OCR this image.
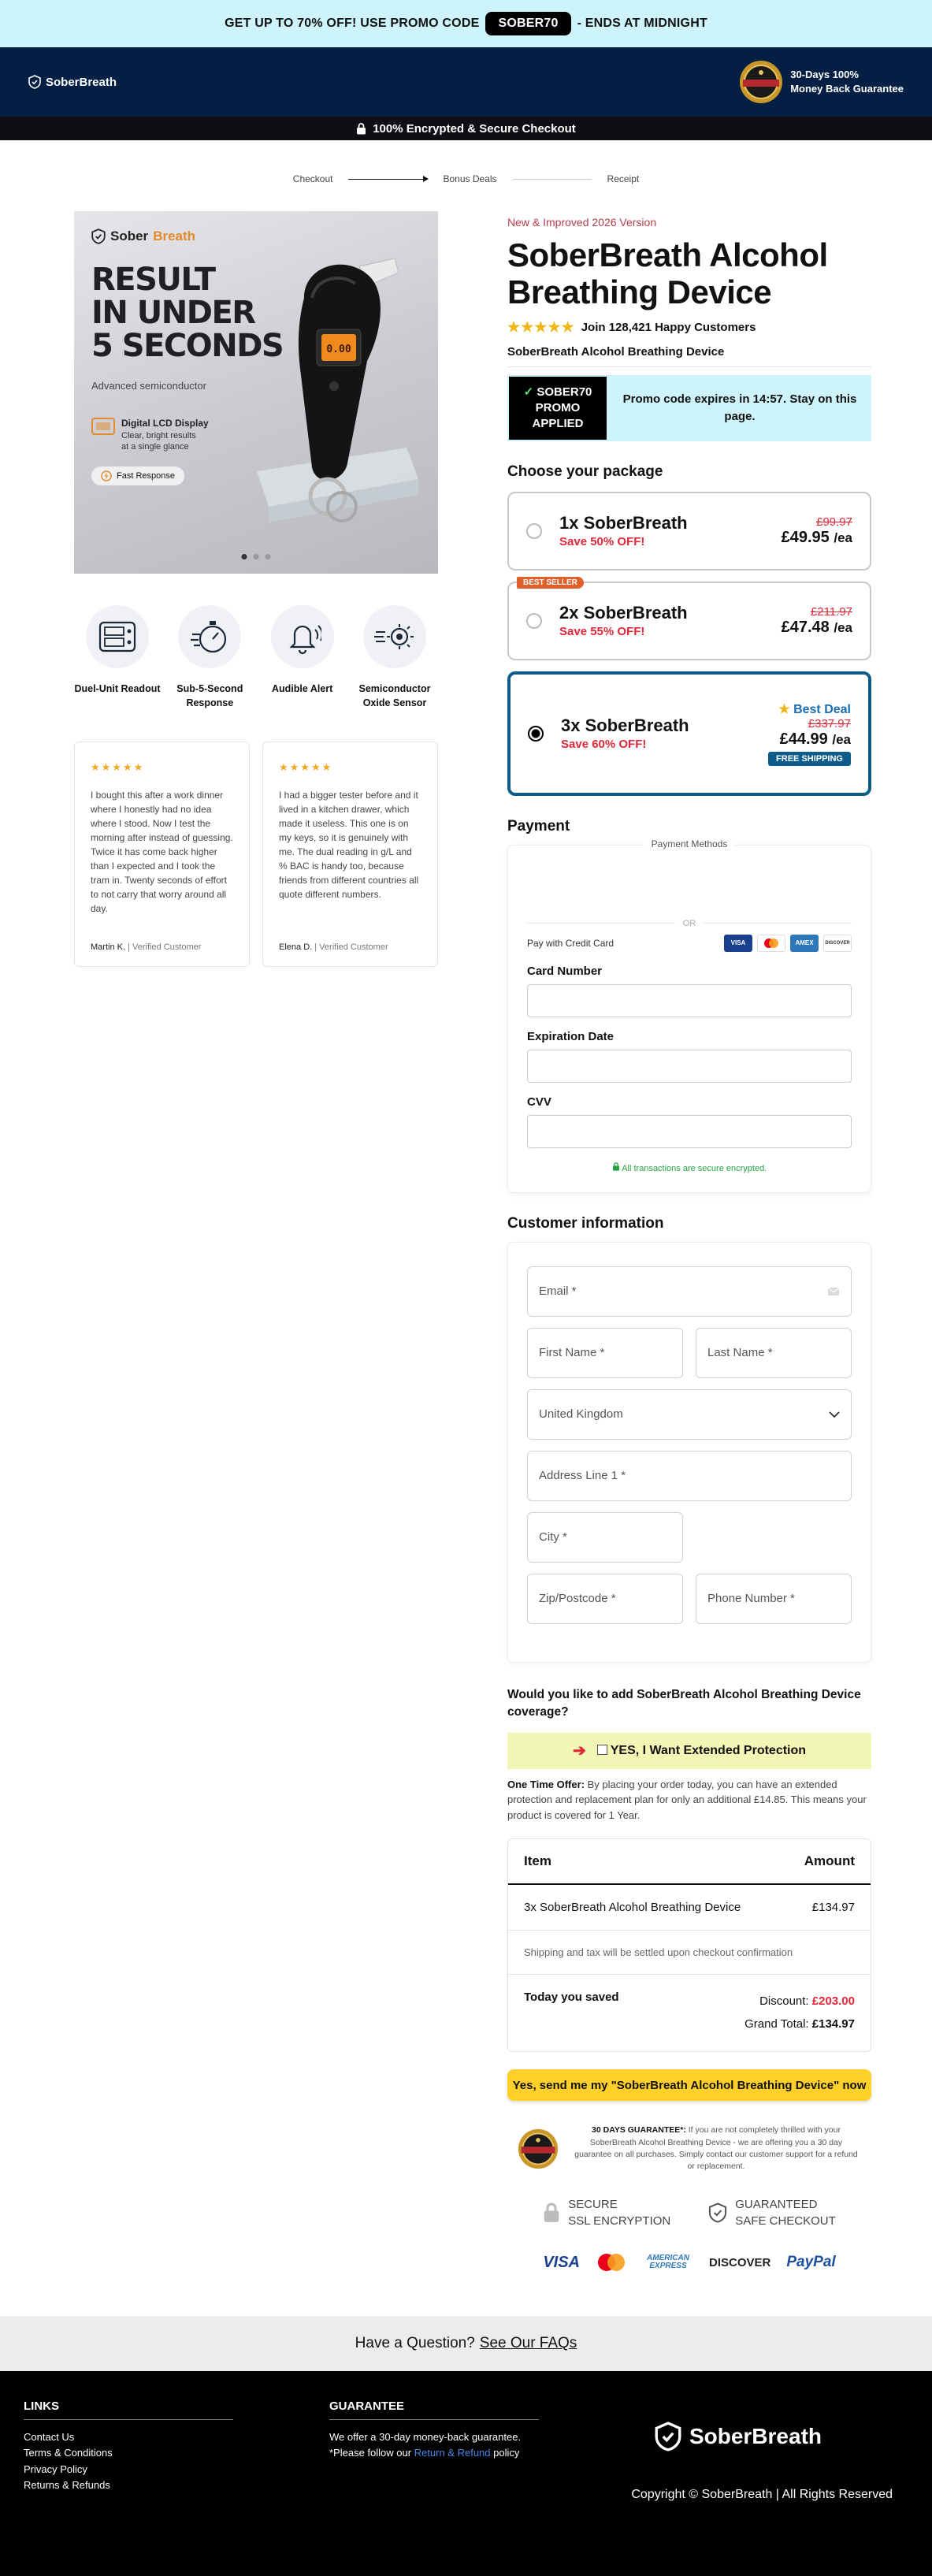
GET UP TO 70% OFF! USE PROMO CODE	SOBER70	- ENDS AT MIDNIGHT
SoberBreath
30-Days 100%
Money Back Guarantee
100% Encrypted & Secure Checkout
Checkout	Bonus Deals	Receipt
Sober Breath
RESULT
IN UNDER
5 SECONDS
Advanced semiconductor
Digital LCD Display
Clear, bright results
at a single glance
Fast Response
0.00
Duel-Unit Readout	Sub-5-Second Response
Audible Alert	Semiconductor Oxide Sensor
★★★★★

I bought this after a work dinner where I honestly had no idea where I stood. Now I test the morning after instead of guessing. Twice it has come back higher than I expected and I took the tram in. Twenty seconds of effort to not carry that worry around all day.

Martin K. | Verified Customer
★★★★★

I had a bigger tester before and it lived in a kitchen drawer, which made it useless. This one is on my keys, so it is genuinely with me. The dual reading in g/L and % BAC is handy too, because friends from different countries all quote different numbers.

Elena D. | Verified Customer
New & Improved 2026 Version
SoberBreath Alcohol Breathing Device
★★★★★ Join 128,421 Happy Customers
SoberBreath Alcohol Breathing Device
✓ SOBER70
PROMO
APPLIED
Promo code expires in 14:57. Stay on this page.
Choose your package
1x SoberBreath
Save 50% OFF!
£99.97
£49.95 /ea
BEST SELLER
2x SoberBreath
Save 55% OFF!
£211.97
£47.48 /ea
3x SoberBreath
Save 60% OFF!
★ Best Deal
£337.97
£44.99 /ea
FREE SHIPPING
Payment
Payment Methods
OR
Pay with Credit Card	VISA	AMEX	DISCOVER
Card Number
Expiration Date
CVV
All transactions are secure encrypted.
Customer information
Email *
First Name *	Last Name *
United Kingdom
Address Line 1 *
City *
Zip/Postcode *	Phone Number *
Would you like to add SoberBreath Alcohol Breathing Device coverage?
➔	YES, I Want Extended Protection

One Time Offer: By placing your order today, you can have an extended protection and replacement plan for only an additional £14.85. This means your product is covered for 1 Year.

Item	Amount
3x SoberBreath Alcohol Breathing Device	£134.97
Shipping and tax will be settled upon checkout confirmation
Today you saved	Discount: £203.00
Grand Total: £134.97
Yes, send me my "SoberBreath Alcohol Breathing Device" now

30 DAYS GUARANTEE*: If you are not completely thrilled with your SoberBreath Alcohol Breathing Device - we are offering you a 30 day guarantee on all purchases. Simply contact our customer support for a refund or replacement.

SECURE
SSL ENCRYPTION
GUARANTEED
SAFE CHECKOUT
VISA	AMERICAN EXPRESS	DISCOVER PayPal
Have a Question? See Our FAQs
LINKS
Contact Us
Terms & Conditions
Privacy Policy
Returns & Refunds
GUARANTEE

We offer a 30-day money-back guarantee.

*Please follow our Return & Refund policy

SoberBreath
Copyright © SoberBreath | All Rights Reserved
